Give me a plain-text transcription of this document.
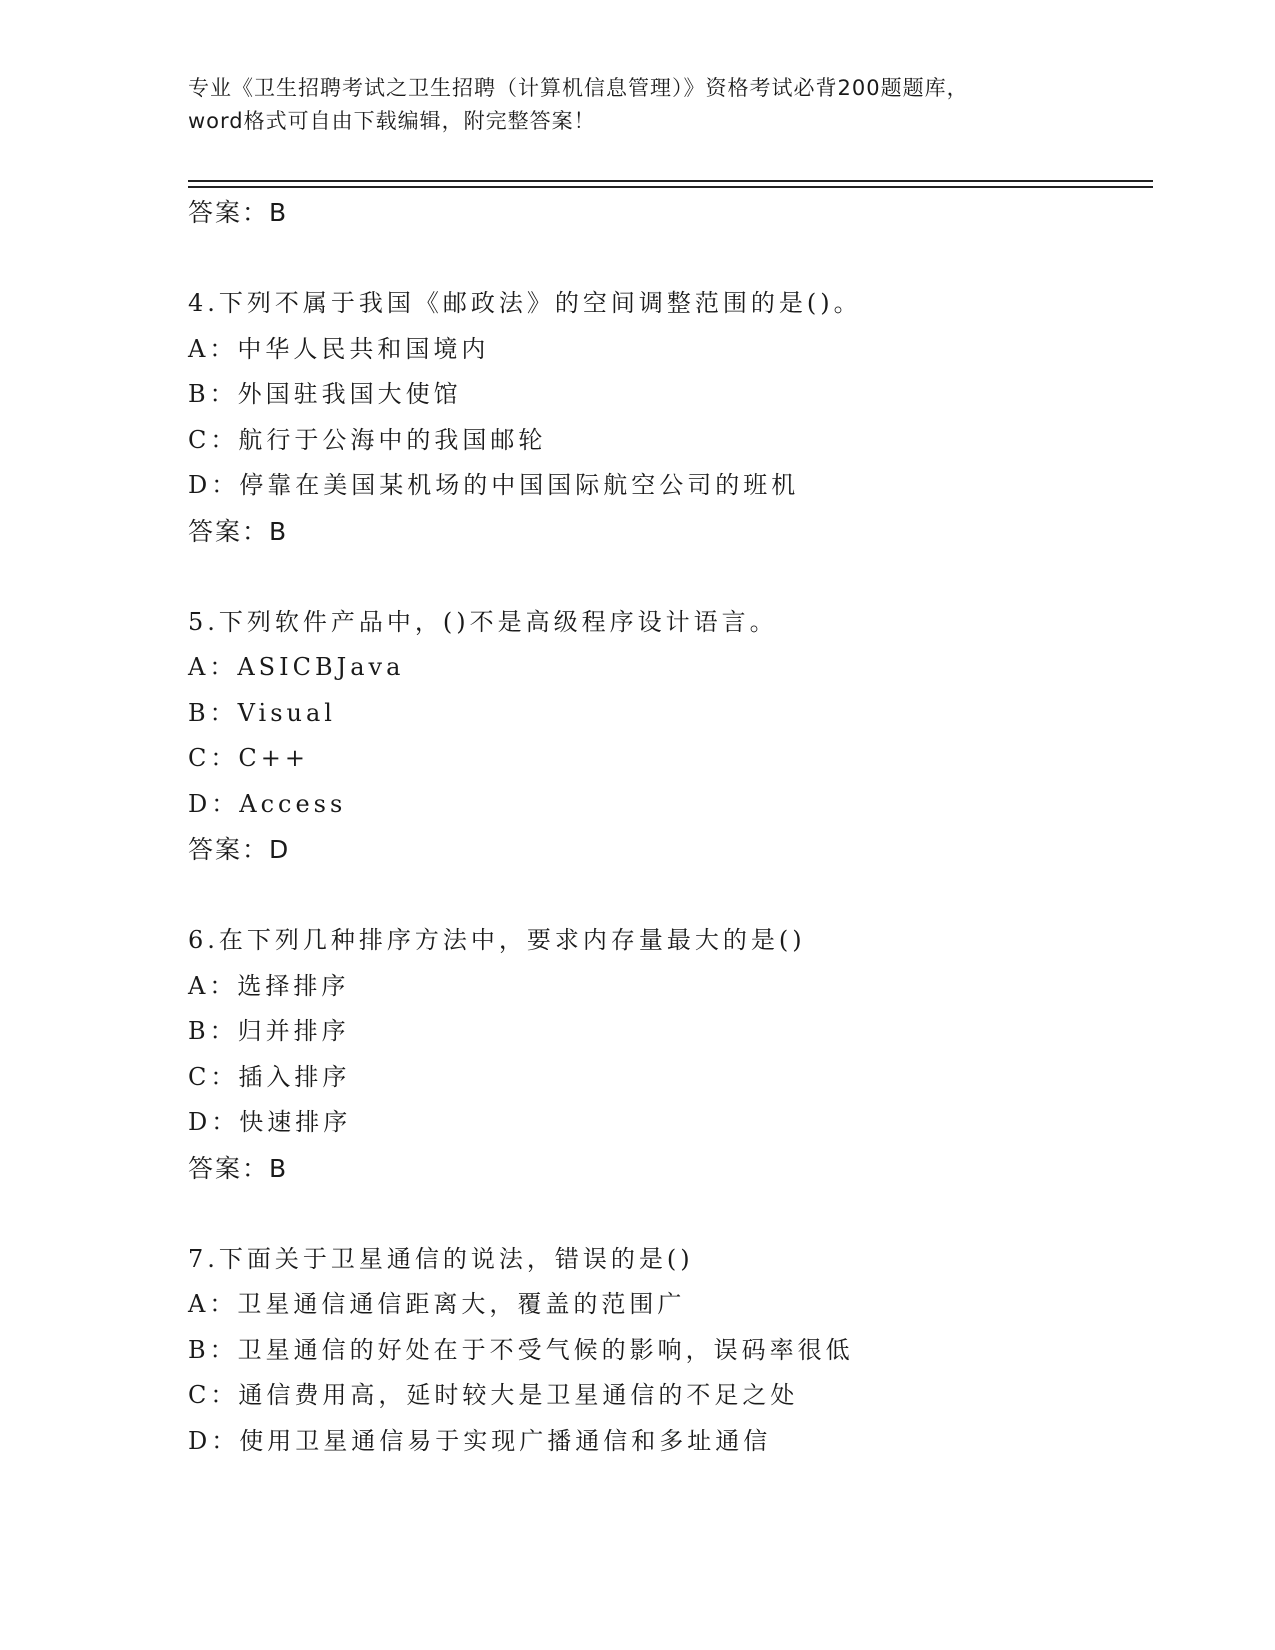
专业《卫生招聘考试之卫生招聘（计算机信息管理）》资格考试必背200题题库，
word格式可自由下载编辑，附完整答案！
答案：B
4.下列不属于我国《邮政法》的空间调整范围的是()。
A：中华人民共和国境内
B：外国驻我国大使馆
C：航行于公海中的我国邮轮
D：停靠在美国某机场的中国国际航空公司的班机
答案：B
5.下列软件产品中，()不是高级程序设计语言。
A：ASICBJava
B：Visual
C：C++
D：Access
答案：D
6.在下列几种排序方法中，要求内存量最大的是()
A：选择排序
B：归并排序
C：插入排序
D：快速排序
答案：B
7.下面关于卫星通信的说法，错误的是()
A：卫星通信通信距离大，覆盖的范围广
B：卫星通信的好处在于不受气候的影响，误码率很低
C：通信费用高，延时较大是卫星通信的不足之处
D：使用卫星通信易于实现广播通信和多址通信
